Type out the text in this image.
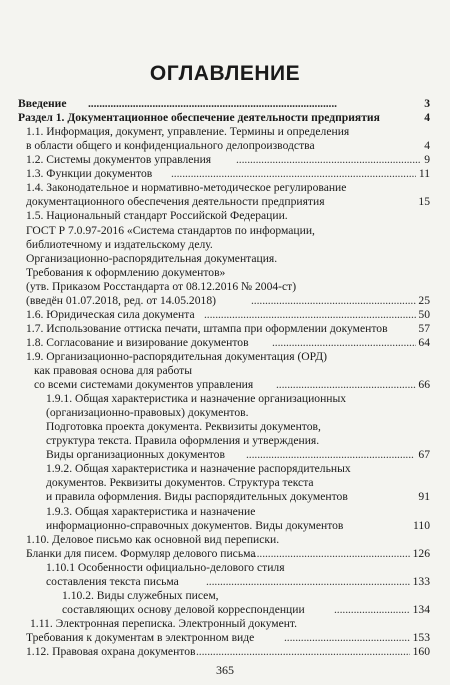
ОГЛАВЛЕНИЕ
Введение . . .	3
Раздел 1. Документационное обеспечение деятельности предприятия	4
1.1. Информация, документ, управление. Термины и определения
в области общего и конфиденциального делопроизводства	4
1.2. Системы документов управления . . .	9
1.3. Функции документов . . .	11
1.4. Законодательное и нормативно-методическое регулирование
документационного обеспечения деятельности предприятия	15
1.5. Национальный стандарт Российской Федерации.
ГОСТ Р 7.0.97-2016 «Система стандартов по информации,
библиотечному и издательскому делу.
Организационно-распорядительная документация.
Требования к оформлению документов»
(утв. Приказом Росстандарта от 08.12.2016 № 2004-ст)
(введён 01.07.2018, ред. от 14.05.2018) . . .	25
1.6. Юридическая сила документа . . .	50
1.7. Использование оттиска печати, штампа при оформлении документов	57
1.8. Согласование и визирование документов . . .	64
1.9. Организационно-распорядительная документация (ОРД)
как правовая основа для работы
со всеми системами документов управления . . .	66
1.9.1. Общая характеристика и назначение организационных
(организационно-правовых) документов.
Подготовка проекта документа. Реквизиты документов,
структура текста. Правила оформления и утверждения.
Виды организационных документов . . .	67
1.9.2. Общая характеристика и назначение распорядительных
документов. Реквизиты документов. Структура текста
и правила оформления. Виды распорядительных документов	91
1.9.3. Общая характеристика и назначение
информационно-справочных документов. Виды документов	110
1.10. Деловое письмо как основной вид переписки.
Бланки для писем. Формуляр делового письма . . .	126
1.10.1 Особенности официально-делового стиля
составления текста письма . . .	133
1.10.2. Виды служебных писем,
составляющих основу деловой корреспонденции . . .	134
1.11. Электронная переписка. Электронный документ.
Требования к документам в электронном виде . . .	153
1.12. Правовая охрана документов . . .	160
365
